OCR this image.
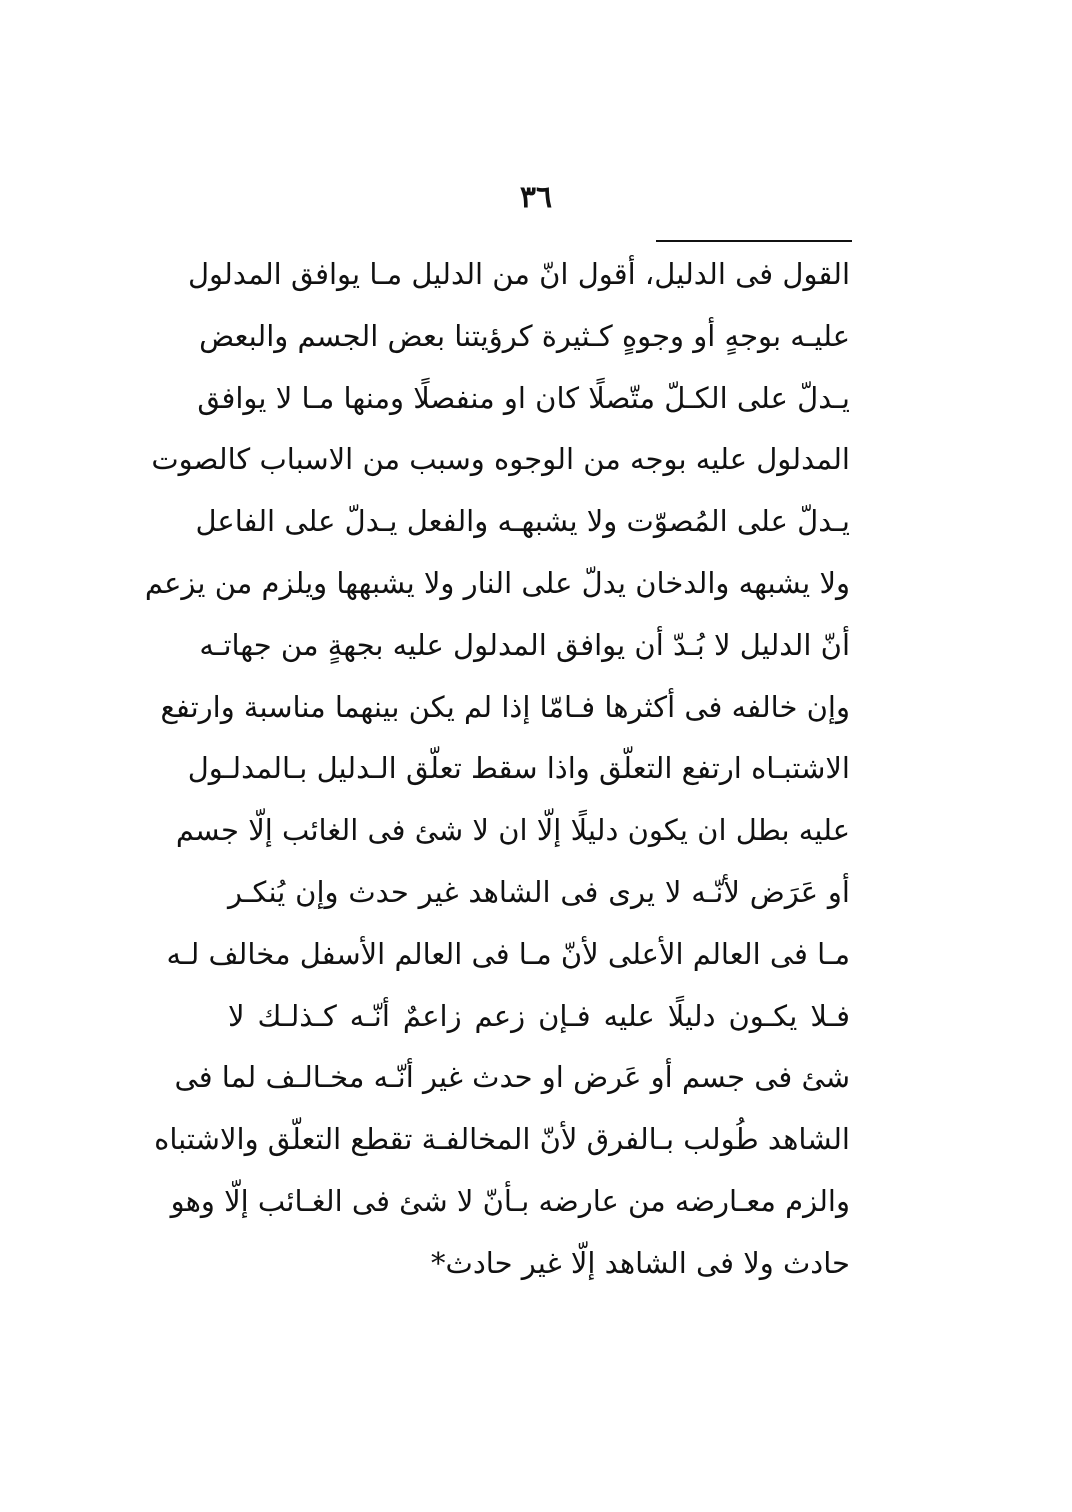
٣٦
القول فى الدليل، أقول انّ من الدليل مـا يوافق المدلول
عليـه بوجهٍ أو وجوهٍ كـثيرة كرؤيتنا بعض الجسم والبعض
يـدلّ على الكـلّ متّصلًا كان او منفصلًا ومنها مـا لا يوافق
المدلول عليه بوجه من الوجوه وسبب من الاسباب كالصوت
يـدلّ على المُصوّت ولا يشبهـه والفعل يـدلّ على الفاعل
ولا يشبهه والدخان يدلّ على النار ولا يشبهها ويلزم من يزعم
أنّ الدليل لا بُـدّ أن يوافق المدلول عليه بجهةٍ من جهاتـه
وإن خالفه فى أكثرها فـامّا إذا لم يكن بينهما مناسبة وارتفع
الاشتبـاه ارتفع التعلّق واذا سقط تعلّق الـدليل بـالمدلـول
عليه بطل ان يكون دليلًا إلّا ان لا شئ فى الغائب إلّا جسم
أو عَرَض لأنّـه لا يرى فى الشاهد غير حدث وإن يُنكـر
مـا فى العالم الأعلى لأنّ مـا فى العالم الأسفل مخالف لـه
فـلا يكـون دليلًا عليه فـإن زعم زاعمٌ أنّـه كـذلـك لا
شئ فى جسم أو عَرض او حدث غير أنّـه مخـالـف لما فى
الشاهد طُولب بـالفرق لأنّ المخالفـة تقطع التعلّق والاشتباه
والزم معـارضه من عارضه بـأنّ لا شئ فى الغـائب إلّا وهو
حادث ولا فى الشاهد إلّا غير حادث*
